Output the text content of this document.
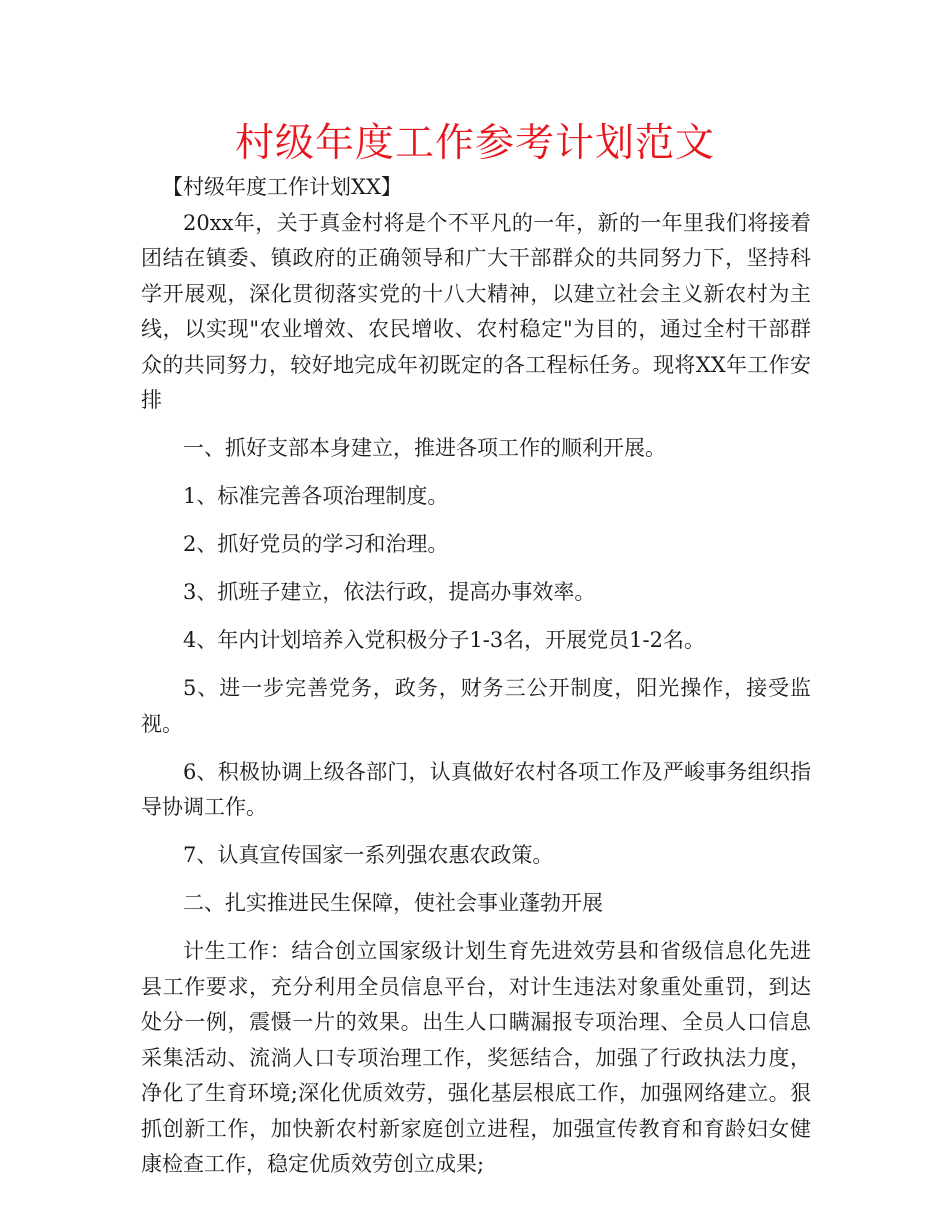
村级年度工作参考计划范文

【村级年度工作计划XX】

20xx年，关于真金村将是个不平凡的一年，新的一年里我们将接着团结在镇委、镇政府的正确领导和广大干部群众的共同努力下，坚持科学开展观，深化贯彻落实党的十八大精神，以建立社会主义新农村为主线，以实现"农业增效、农民增收、农村稳定"为目的，通过全村干部群众的共同努力，较好地完成年初既定的各工程标任务。现将XX年工作安排

一、抓好支部本身建立，推进各项工作的顺利开展。

1、标准完善各项治理制度。

2、抓好党员的学习和治理。

3、抓班子建立，依法行政，提高办事效率。

4、年内计划培养入党积极分子1-3名，开展党员1-2名。

5、进一步完善党务，政务，财务三公开制度，阳光操作，接受监视。

6、积极协调上级各部门，认真做好农村各项工作及严峻事务组织指导协调工作。

7、认真宣传国家一系列强农惠农政策。

二、扎实推进民生保障，使社会事业蓬勃开展

计生工作：结合创立国家级计划生育先进效劳县和省级信息化先进县工作要求，充分利用全员信息平台，对计生违法对象重处重罚，到达处分一例，震慑一片的效果。出生人口瞒漏报专项治理、全员人口信息采集活动、流淌人口专项治理工作，奖惩结合，加强了行政执法力度，净化了生育环境;深化优质效劳，强化基层根底工作，加强网络建立。狠抓创新工作，加快新农村新家庭创立进程，加强宣传教育和育龄妇女健康检查工作，稳定优质效劳创立成果;
